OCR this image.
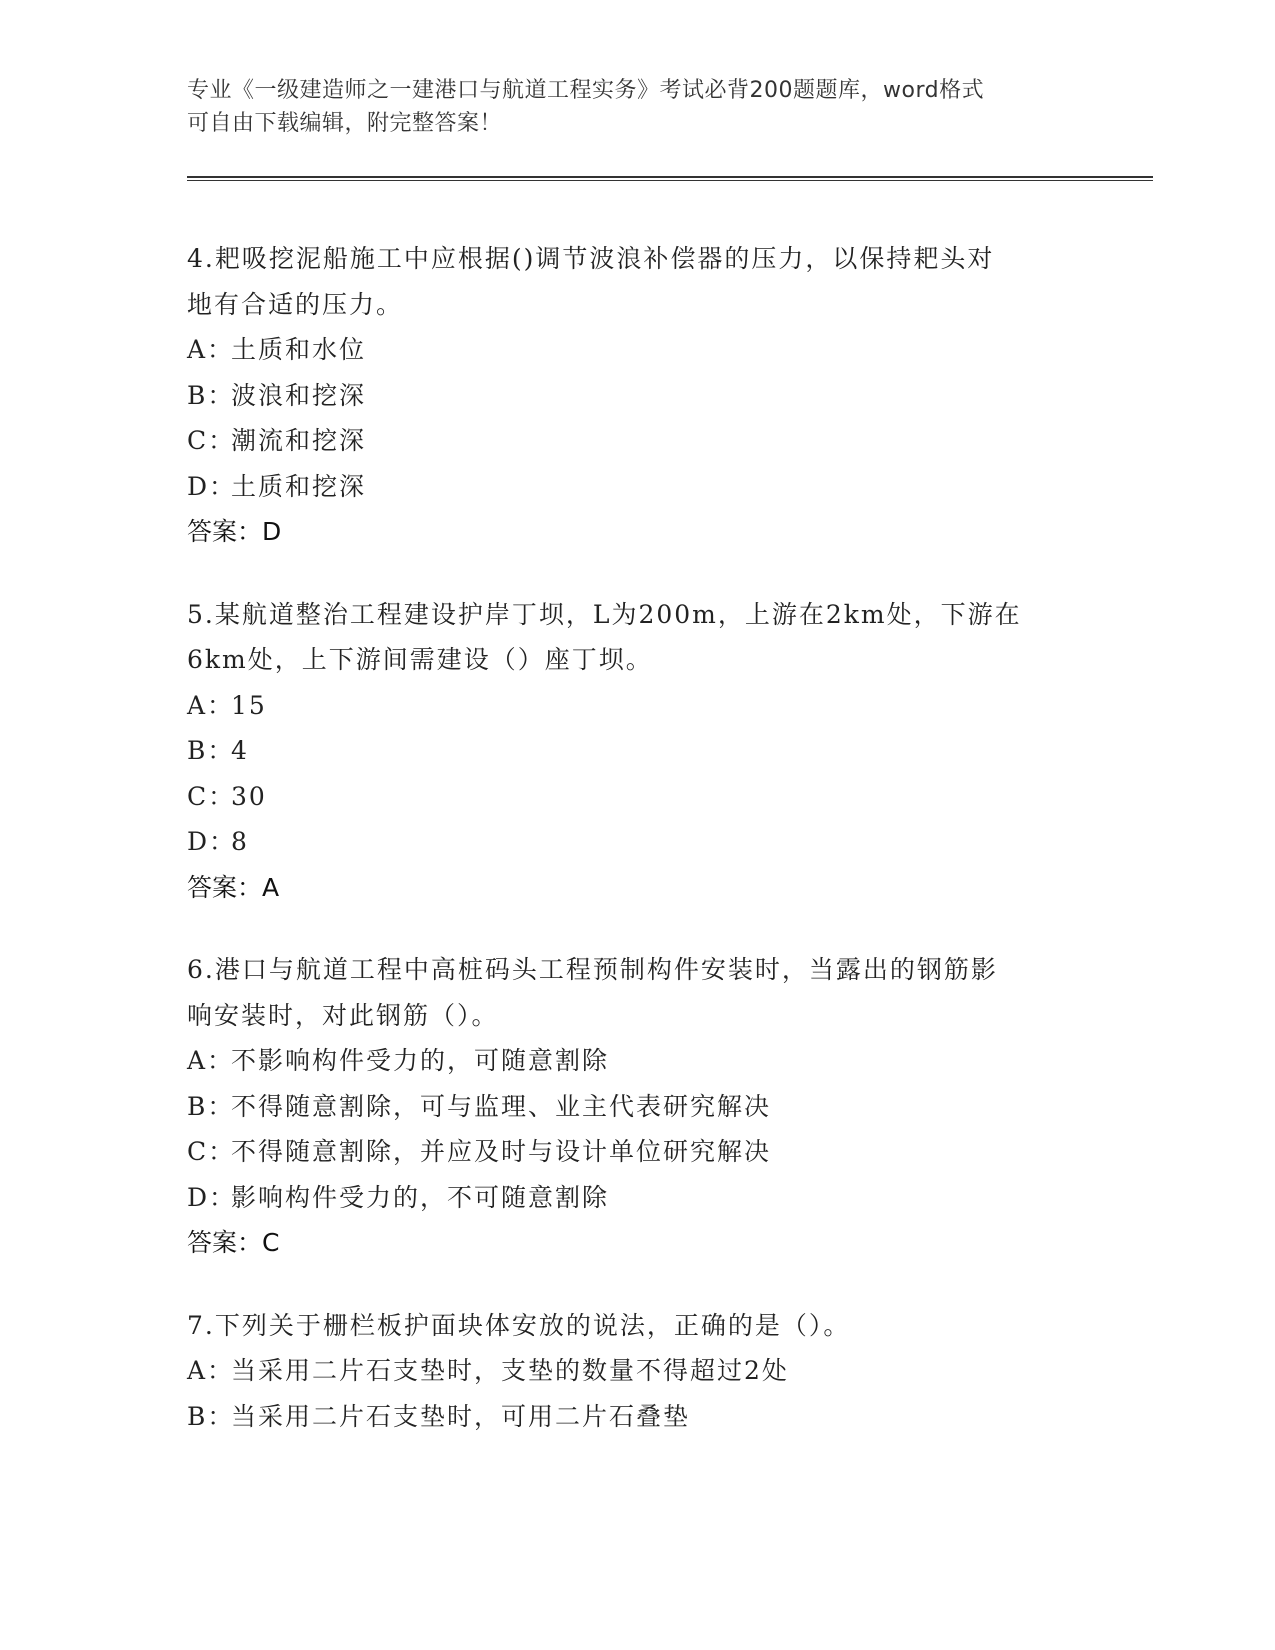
专业《一级建造师之一建港口与航道工程实务》考试必背200题题库，word格式
可自由下载编辑，附完整答案！

4.耙吸挖泥船施工中应根据()调节波浪补偿器的压力，以保持耙头对
地有合适的压力。

A：
土质和水位
B：
波浪和挖深
C：
潮流和挖深
D：
土质和挖深
答案：D

5.某航道整治工程建设护岸丁坝，L为200m，上游在2km处，下游在
6km处，上下游间需建设（）座丁坝。

A：
15
B：
4
C：
30
D：
8
答案：A

6.港口与航道工程中高桩码头工程预制构件安装时，当露出的钢筋影
响安装时，对此钢筋（）。

A：
不影响构件受力的，可随意割除
B：
不得随意割除，可与监理、业主代表研究解决
C：
不得随意割除，并应及时与设计单位研究解决
D：
影响构件受力的，不可随意割除
答案：C

7.下列关于栅栏板护面块体安放的说法，正确的是（）。

A：
当采用二片石支垫时，支垫的数量不得超过2处
B：
当采用二片石支垫时，可用二片石叠垫
